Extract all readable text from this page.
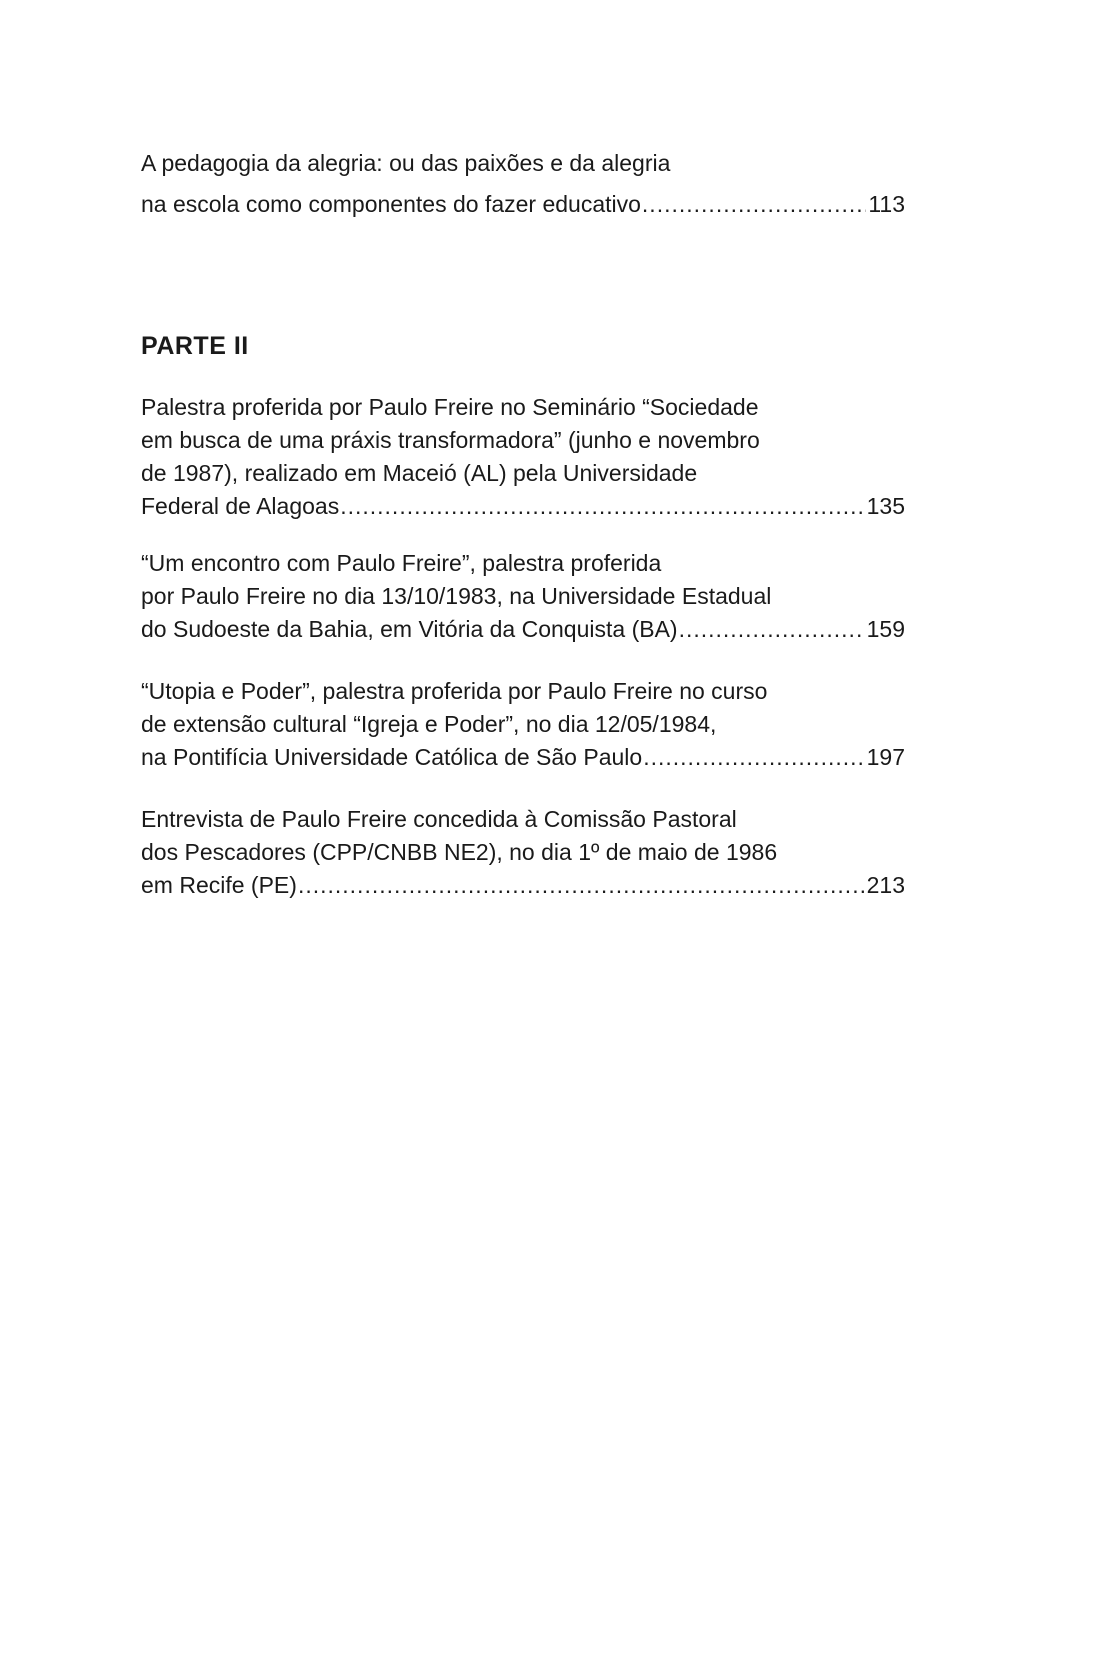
A pedagogia da alegria: ou das paixões e da alegria
na escola como componentes do fazer educativo .....	113
PARTE II
Palestra proferida por Paulo Freire no Seminário “Sociedade
em busca de uma práxis transformadora” (junho e novembro
de 1987), realizado em Maceió (AL) pela Universidade
Federal de Alagoas .....	135
“Um encontro com Paulo Freire”, palestra proferida
por Paulo Freire no dia 13/10/1983, na Universidade Estadual
do Sudoeste da Bahia, em Vitória da Conquista (BA) .....	159
“Utopia e Poder”, palestra proferida por Paulo Freire no curso
de extensão cultural “Igreja e Poder”, no dia 12/05/1984,
na Pontifícia Universidade Católica de São Paulo .....	197
Entrevista de Paulo Freire concedida à Comissão Pastoral
dos Pescadores (CPP/CNBB NE2), no dia 1º de maio de 1986
em Recife (PE) .....	213
